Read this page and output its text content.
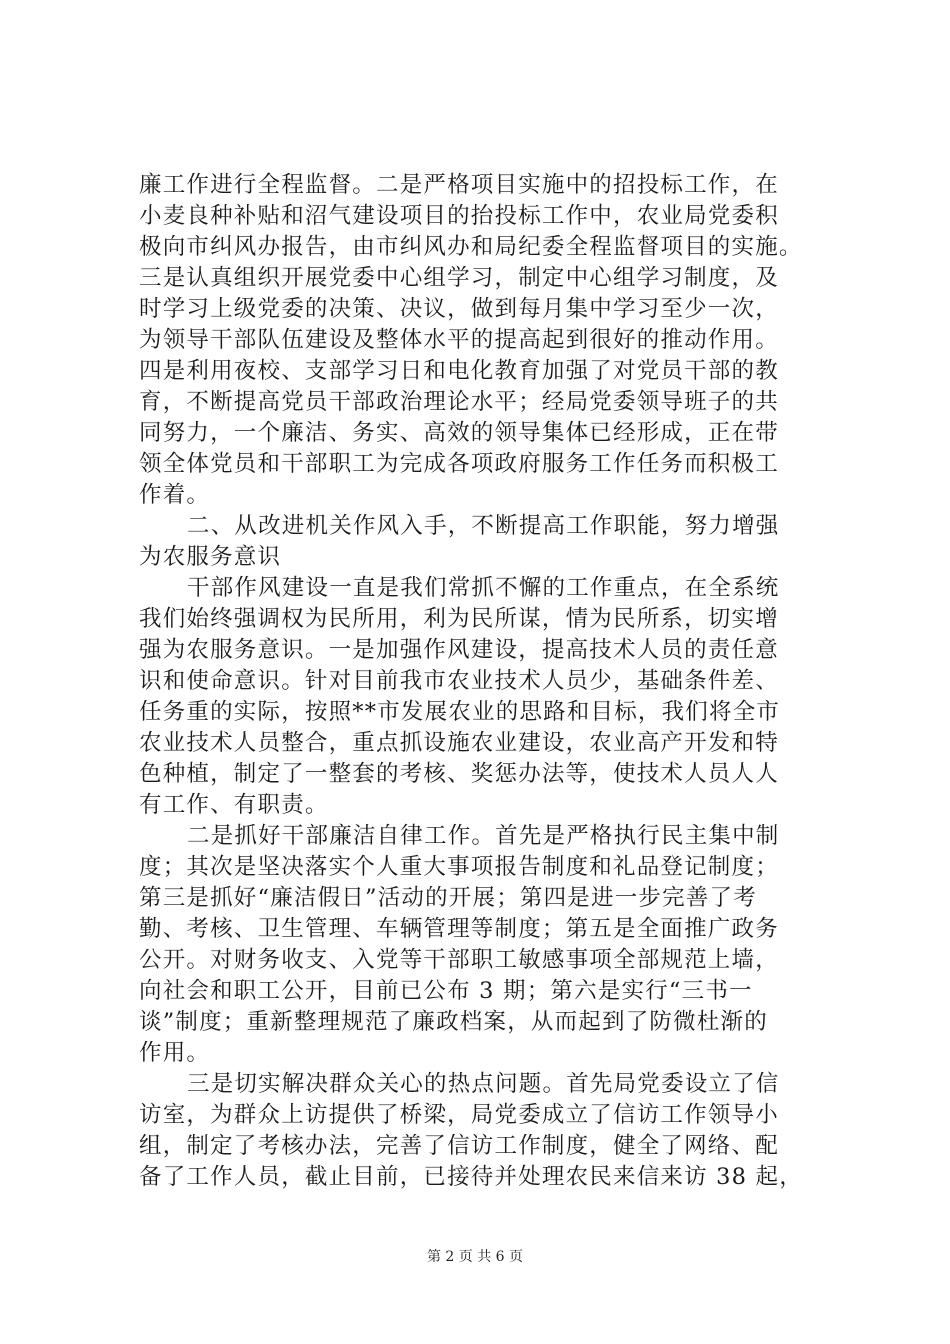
廉工作进行全程监督。二是严格项目实施中的招投标工作，在
小麦良种补贴和沼气建设项目的抬投标工作中，农业局党委积
极向市纠风办报告，由市纠风办和局纪委全程监督项目的实施。
三是认真组织开展党委中心组学习，制定中心组学习制度，及
时学习上级党委的决策、决议，做到每月集中学习至少一次，
为领导干部队伍建设及整体水平的提高起到很好的推动作用。
四是利用夜校、支部学习日和电化教育加强了对党员干部的教
育，不断提高党员干部政治理论水平；经局党委领导班子的共
同努力，一个廉洁、务实、高效的领导集体已经形成，正在带
领全体党员和干部职工为完成各项政府服务工作任务而积极工
作着。
二、从改进机关作风入手，不断提高工作职能，努力增强
为农服务意识
干部作风建设一直是我们常抓不懈的工作重点，在全系统
我们始终强调权为民所用，利为民所谋，情为民所系，切实增
强为农服务意识。一是加强作风建设，提高技术人员的责任意
识和使命意识。针对目前我市农业技术人员少，基础条件差、
任务重的实际，按照**市发展农业的思路和目标，我们将全市
农业技术人员整合，重点抓设施农业建设，农业高产开发和特
色种植，制定了一整套的考核、奖惩办法等，使技术人员人人
有工作、有职责。
二是抓好干部廉洁自律工作。首先是严格执行民主集中制
度；其次是坚决落实个人重大事项报告制度和礼品登记制度；
第三是抓好“廉洁假日”活动的开展；第四是进一步完善了考
勤、考核、卫生管理、车辆管理等制度；第五是全面推广政务
公开。对财务收支、入党等干部职工敏感事项全部规范上墙，
向社会和职工公开，目前已公布 3 期；第六是实行“三书一
谈”制度；重新整理规范了廉政档案，从而起到了防微杜渐的
作用。
三是切实解决群众关心的热点问题。首先局党委设立了信
访室，为群众上访提供了桥梁，局党委成立了信访工作领导小
组，制定了考核办法，完善了信访工作制度，健全了网络、配
备了工作人员，截止目前，已接待并处理农民来信来访 38 起，
第 2 页 共 6 页
